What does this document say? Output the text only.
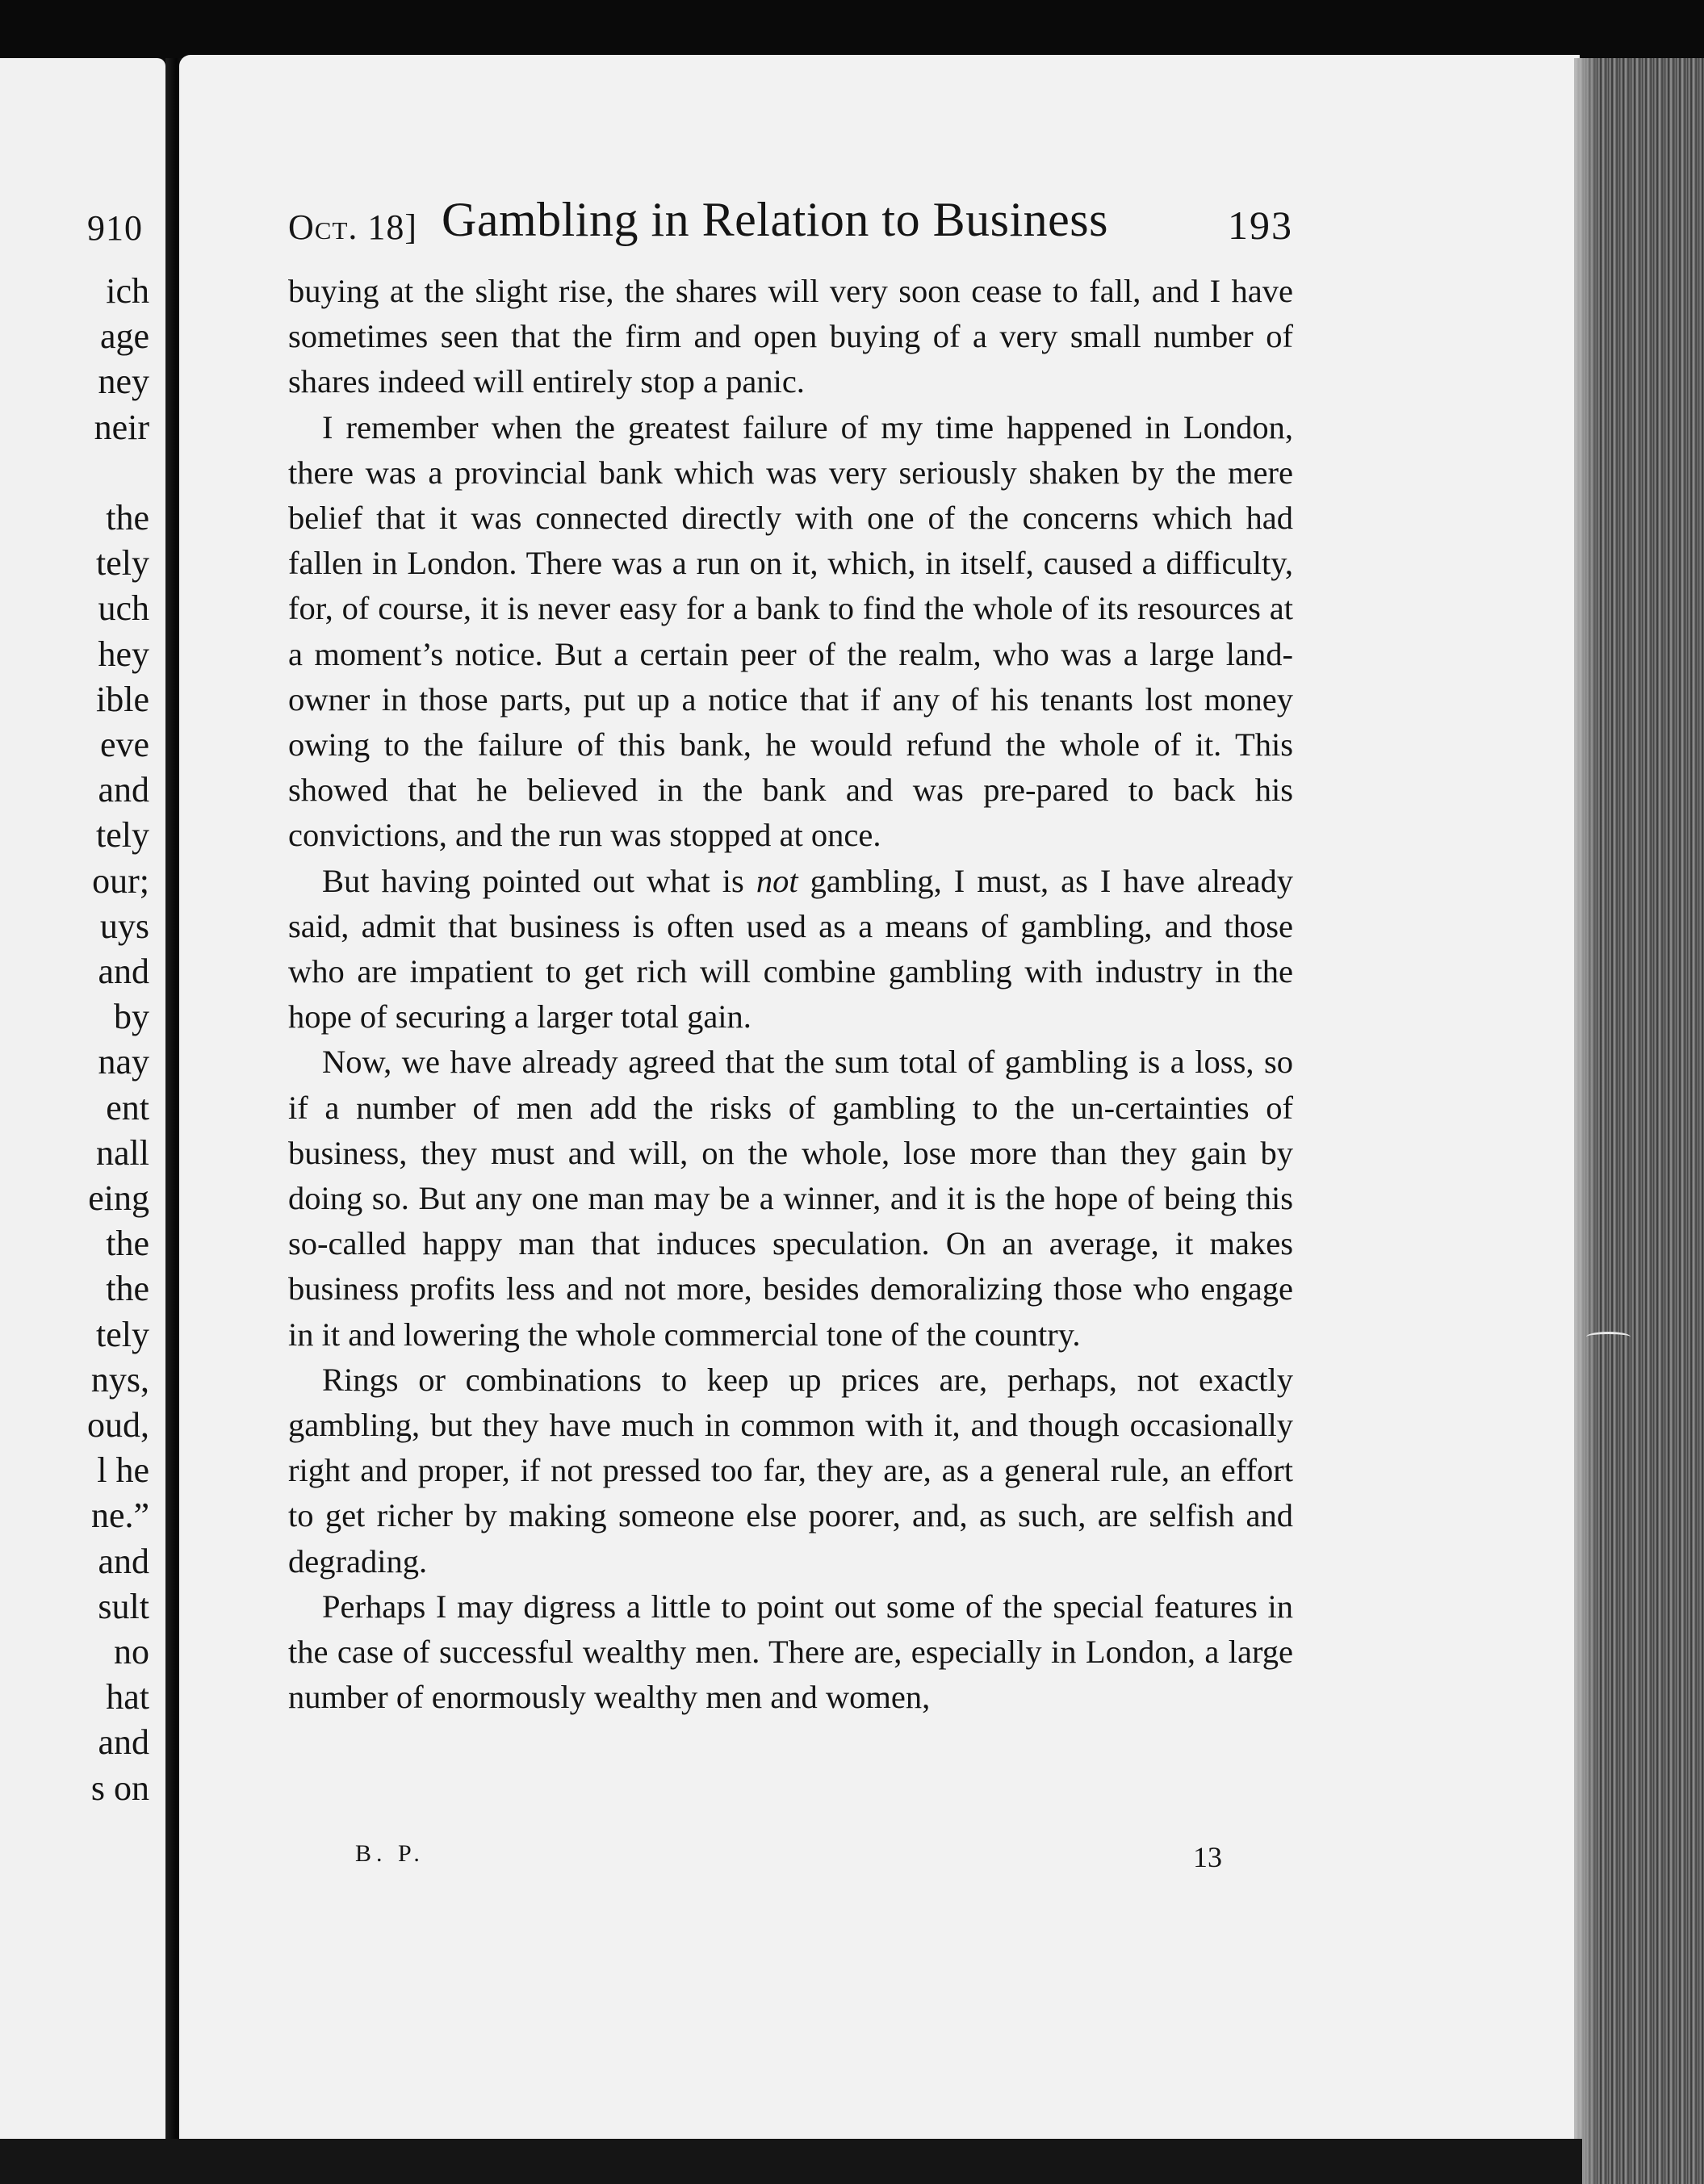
910
ich
age
ney
neir
the
tely
uch
hey
ible
eve
and
tely
our;
uys
and
by
nay
ent
nall
eing
the
the
tely
nys,
oud,
l he
ne.”
and
sult
no
hat
and
s on
Oct. 18] Gambling in Relation to Business	193

buying at the slight rise, the shares will very soon cease to fall, and I have sometimes seen that the firm and open buying of a very small number of shares indeed will entirely stop a panic.

I remember when the greatest failure of my time happened in London, there was a provincial bank which was very seriously shaken by the mere belief that it was connected directly with one of the concerns which had fallen in London. There was a run on it, which, in itself, caused a difficulty, for, of course, it is never easy for a bank to find the whole of its resources at a moment’s notice. But a certain peer of the realm, who was a large land-owner in those parts, put up a notice that if any of his tenants lost money owing to the failure of this bank, he would refund the whole of it. This showed that he believed in the bank and was pre-pared to back his convictions, and the run was stopped at once.

But having pointed out what is not gambling, I must, as I have already said, admit that business is often used as a means of gambling, and those who are impatient to get rich will combine gambling with industry in the hope of securing a larger total gain.

Now, we have already agreed that the sum total of gambling is a loss, so if a number of men add the risks of gambling to the un-certainties of business, they must and will, on the whole, lose more than they gain by doing so. But any one man may be a winner, and it is the hope of being this so-called happy man that induces speculation. On an average, it makes business profits less and not more, besides demoralizing those who engage in it and lowering the whole commercial tone of the country.

Rings or combinations to keep up prices are, perhaps, not exactly gambling, but they have much in common with it, and though occasionally right and proper, if not pressed too far, they are, as a general rule, an effort to get richer by making someone else poorer, and, as such, are selfish and degrading.

Perhaps I may digress a little to point out some of the special features in the case of successful wealthy men. There are, especially in London, a large number of enormously wealthy men and women,

B. P.	13
